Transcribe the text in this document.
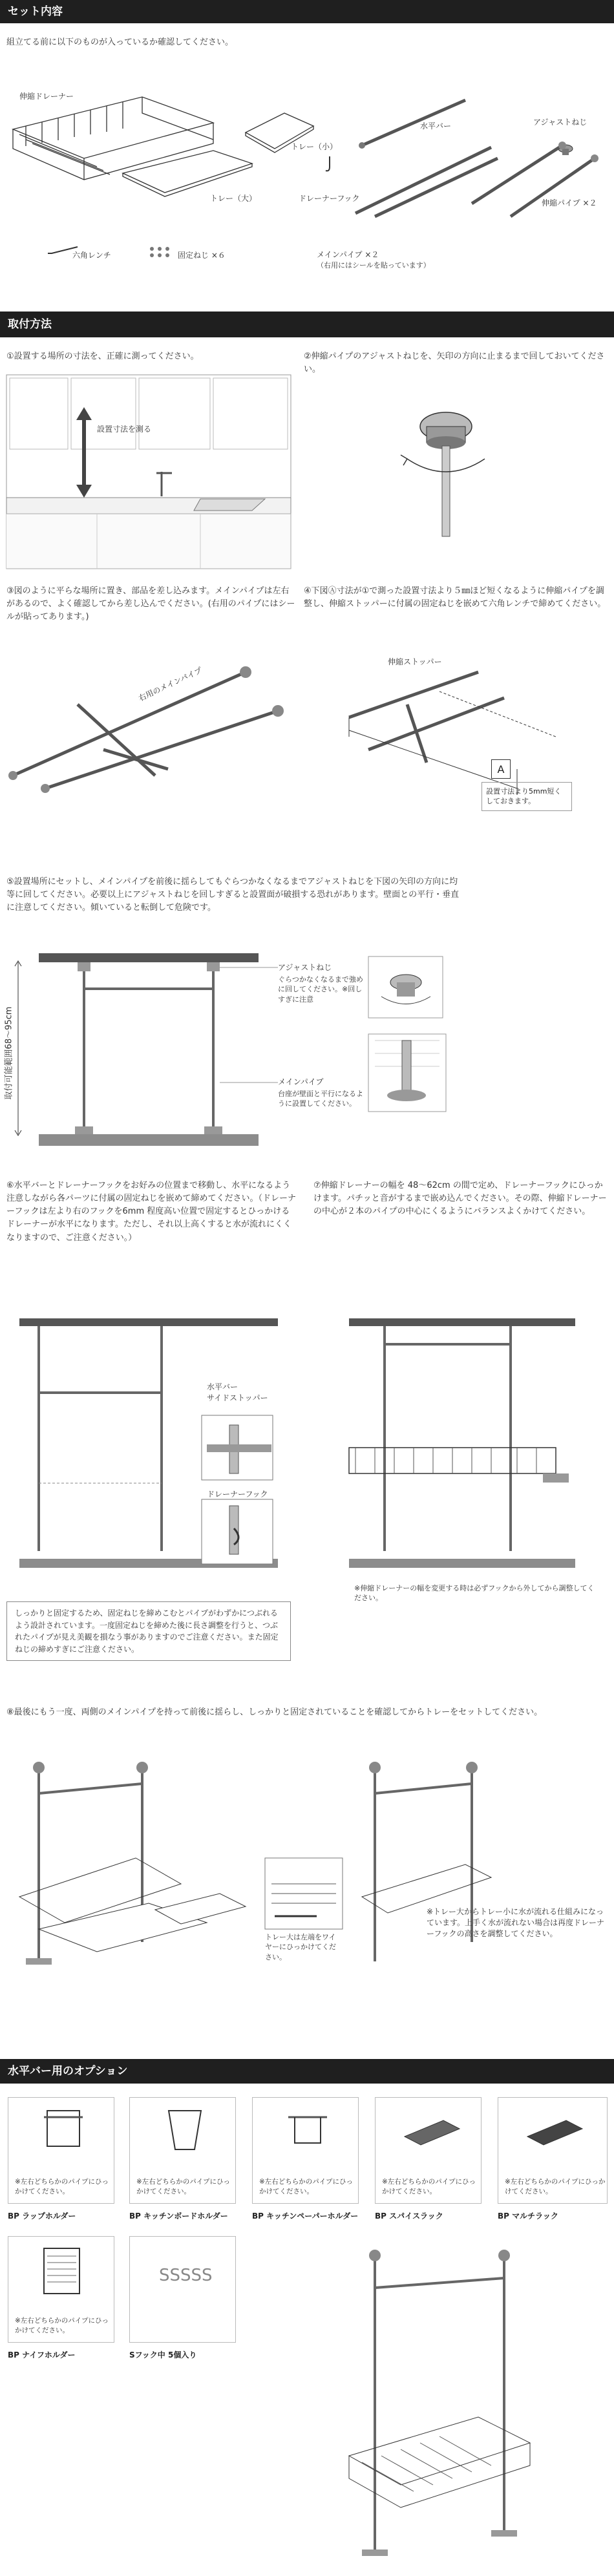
セット内容
組立てる前に以下のものが入っているか確認してください。
伸縮ドレーナー
トレー（小）
トレー（大）
水平バー	アジャストねじ
ドレーナーフック
メインパイプ ×２
（右用にはシールを貼っています）
伸縮パイプ ×２
六角レンチ	固定ねじ ×６
取付方法
①設置する場所の寸法を、正確に測ってください。
設置寸法を測る
②伸縮パイプのアジャストねじを、矢印の方向に止まるまで回しておいてください。
③図のように平らな場所に置き、部品を差し込みます。メインパイプは左右があるので、よく確認してから差し込んでください。(右用のパイプにはシールが貼ってあります。)
右用のメインパイプ
④下図Ⓐ寸法が①で測った設置寸法より５㎜ほど短くなるように伸縮パイプを調整し、伸縮ストッパーに付属の固定ねじを嵌めて六角レンチで締めてください。
伸縮ストッパー
A
設置寸法より5mm短くしておきます。
⑤設置場所にセットし、メインパイプを前後に揺らしてもぐらつかなくなるまでアジャストねじを下図の矢印の方向に均等に回してください。必要以上にアジャストねじを回しすぎると設置面が破損する恐れがあります。壁面との平行・垂直に注意してください。傾いていると転倒して危険です。
取付可能範囲68〜95cm
アジャストねじ
ぐらつかなくなるまで強めに回してください。※回しすぎに注意
メインパイプ
台座が壁面と平行になるように設置してください。
⑥水平バーとドレーナーフックをお好みの位置まで移動し、水平になるよう注意しながら各パーツに付属の固定ねじを嵌めて締めてください。（ドレーナーフックは左より右のフックを6mm 程度高い位置で固定するとひっかけるドレーナーが水平になります。ただし、それ以上高くすると水が流れにくくなりますので、ご注意ください。）
水平バー
サイドストッパー
ドレーナーフック
しっかりと固定するため、固定ねじを締めこむとパイプがわずかにつぶれるよう設計されています。一度固定ねじを締めた後に長さ調整を行うと、つぶれたパイプが見え美観を損なう事がありますのでご注意ください。また固定ねじの締めすぎにご注意ください。
⑦伸縮ドレーナーの幅を 48～62cm の間で定め、ドレーナーフックにひっかけます。パチッと音がするまで嵌め込んでください。その際、伸縮ドレーナーの中心が２本のパイプの中心にくるようにバランスよくかけてください。
※伸縮ドレーナーの幅を変更する時は必ずフックから外してから調整してください。
⑧最後にもう一度、両側のメインパイプを持って前後に揺らし、しっかりと固定されていることを確認してからトレーをセットしてください。
トレー大は左端をワイヤーにひっかけてください。
※トレー大からトレー小に水が流れる仕組みになっています。上手く水が流れない場合は再度ドレーナーフックの高さを調整してください。
水平バー用のオプション
※左右どちらかのパイプにひっかけてください。
BP ラップホルダー
※左右どちらかのパイプにひっかけてください。
BP キッチンボードホルダー
※左右どちらかのパイプにひっかけてください。
BP キッチンペーパーホルダー
※左右どちらかのパイプにひっかけてください。
BP スパイスラック
※左右どちらかのパイプにひっかけてください。
BP マルチラック
※左右どちらかのパイプにひっかけてください。
BP ナイフホルダー
SSSSS
Sフック中 5個入り
